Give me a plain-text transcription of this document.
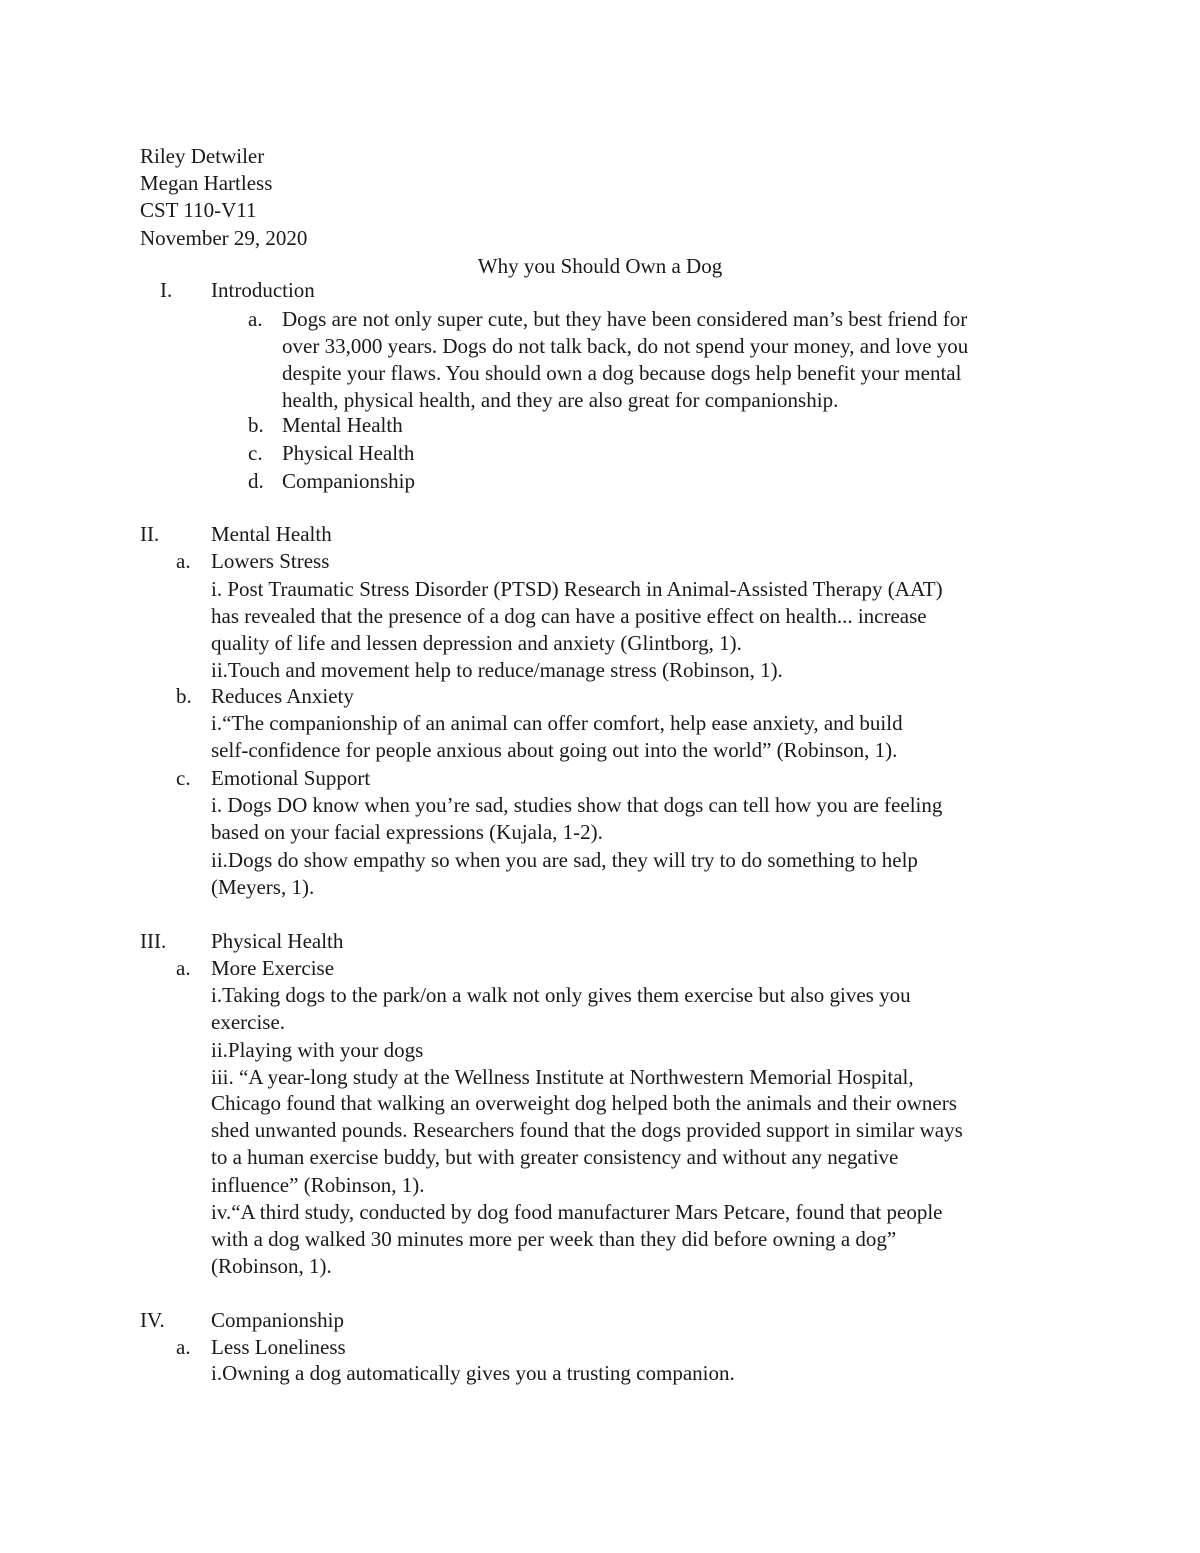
Riley Detwiler
Megan Hartless
CST 110-V11
November 29, 2020
Why you Should Own a Dog
I. Introduction
a. Dogs are not only super cute, but they have been considered man’s best friend for
over 33,000 years. Dogs do not talk back, do not spend your money, and love you
despite your flaws. You should own a dog because dogs help benefit your mental
health, physical health, and they are also great for companionship.
b. Mental Health
c. Physical Health
d. Companionship
II. Mental Health
a. Lowers Stress
i. Post Traumatic Stress Disorder (PTSD) Research in Animal-Assisted Therapy (AAT)
has revealed that the presence of a dog can have a positive effect on health... increase
quality of life and lessen depression and anxiety (Glintborg, 1).
ii.Touch and movement help to reduce/manage stress (Robinson, 1).
b. Reduces Anxiety
i.“The companionship of an animal can offer comfort, help ease anxiety, and build
self-confidence for people anxious about going out into the world” (Robinson, 1).
c. Emotional Support
i. Dogs DO know when you’re sad, studies show that dogs can tell how you are feeling
based on your facial expressions (Kujala, 1-2).
ii.Dogs do show empathy so when you are sad, they will try to do something to help
(Meyers, 1).
III. Physical Health
a. More Exercise
i.Taking dogs to the park/on a walk not only gives them exercise but also gives you
exercise.
ii.Playing with your dogs
iii. “A year-long study at the Wellness Institute at Northwestern Memorial Hospital,
Chicago found that walking an overweight dog helped both the animals and their owners
shed unwanted pounds. Researchers found that the dogs provided support in similar ways
to a human exercise buddy, but with greater consistency and without any negative
influence” (Robinson, 1).
iv.“A third study, conducted by dog food manufacturer Mars Petcare, found that people
with a dog walked 30 minutes more per week than they did before owning a dog”
(Robinson, 1).
IV. Companionship
a. Less Loneliness
i.Owning a dog automatically gives you a trusting companion.
